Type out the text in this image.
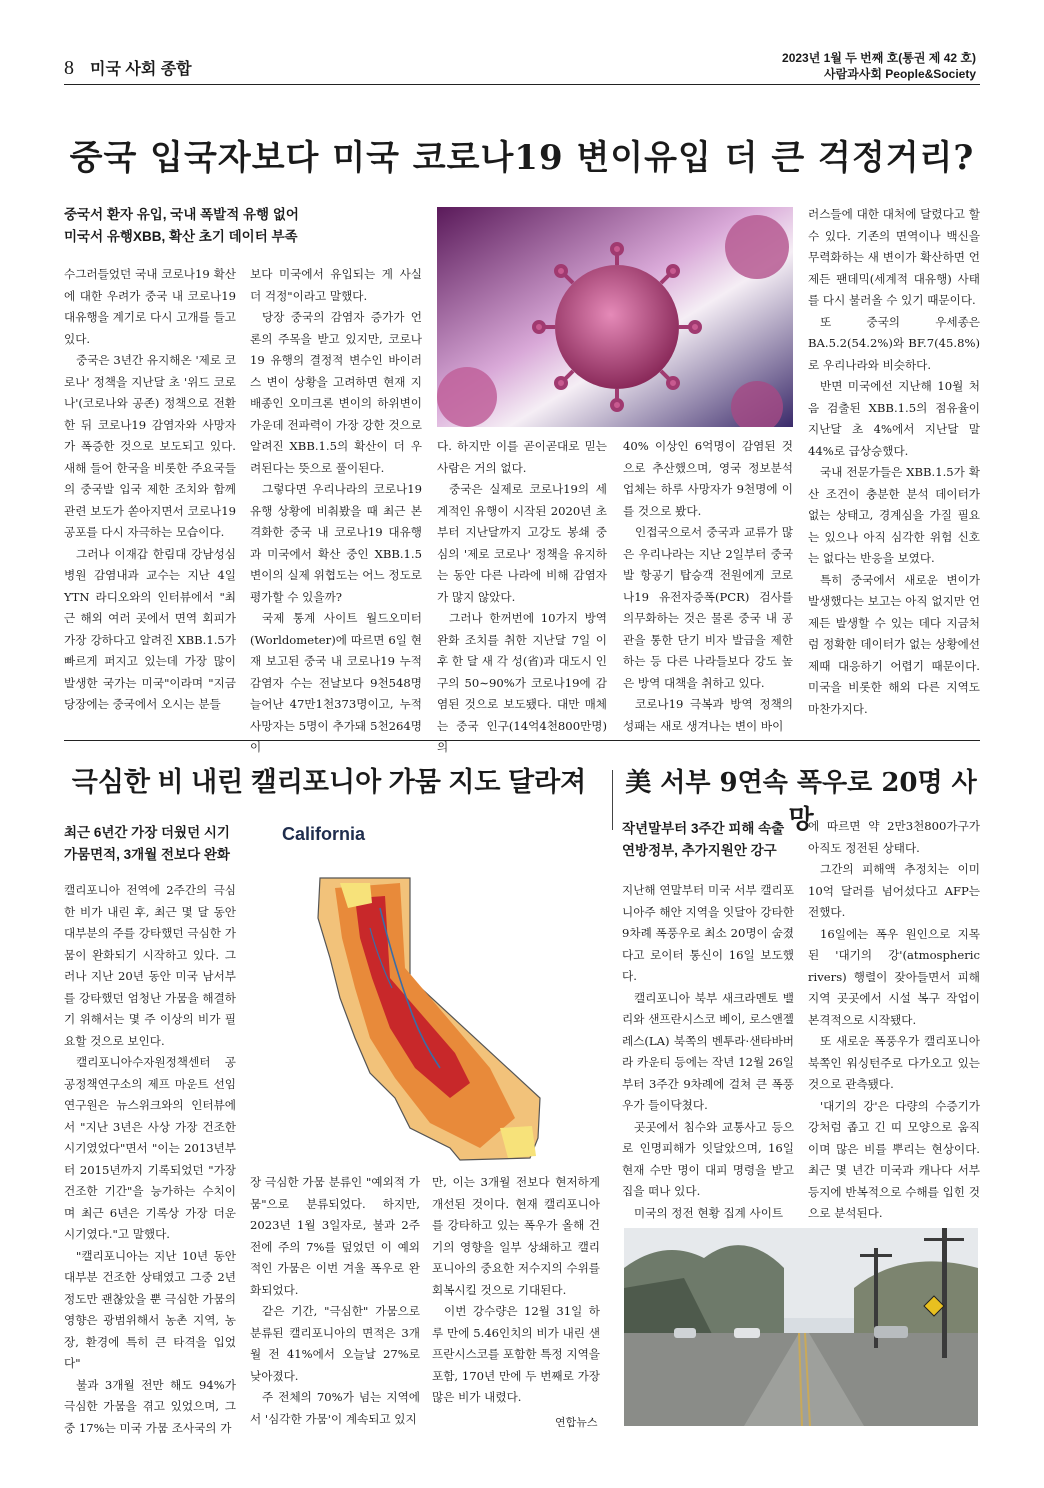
8 미국 사회 종합
2023년 1월 두 번째 호(통권 제 42 호)
사람과사회 People&Society
중국 입국자보다 미국 코로나19 변이유입 더 큰 걱정거리?
중국서 환자 유입, 국내 폭발적 유행 없어
미국서 유행XBB, 확산 초기 데이터 부족

수그러들었던 국내 코로나19 확산에 대한 우려가 중국 내 코로나19 대유행을 계기로 다시 고개를 들고 있다.

중국은 3년간 유지해온 '제로 코로나' 정책을 지난달 초 '위드 코로나'(코로나와 공존) 정책으로 전환한 뒤 코로나19 감염자와 사망자가 폭증한 것으로 보도되고 있다. 새해 들어 한국을 비롯한 주요국들의 중국발 입국 제한 조치와 함께 관련 보도가 쏟아지면서 코로나19 공포를 다시 자극하는 모습이다.

그러나 이재갑 한림대 강남성심병원 감염내과 교수는 지난 4일 YTN 라디오와의 인터뷰에서 "최근 해외 여러 곳에서 면역 회피가 가장 강하다고 알려진 XBB.1.5가 빠르게 퍼지고 있는데 가장 많이 발생한 국가는 미국"이라며 "지금 당장에는 중국에서 오시는 분들

보다 미국에서 유입되는 게 사실 더 걱정"이라고 말했다.

당장 중국의 감염자 증가가 언론의 주목을 받고 있지만, 코로나19 유행의 결정적 변수인 바이러스 변이 상황을 고려하면 현재 지배종인 오미크론 변이의 하위변이 가운데 전파력이 가장 강한 것으로 알려진 XBB.1.5의 확산이 더 우려된다는 뜻으로 풀이된다.

그렇다면 우리나라의 코로나19 유행 상황에 비춰봤을 때 최근 본격화한 중국 내 코로나19 대유행과 미국에서 확산 중인 XBB.1.5 변이의 실제 위협도는 어느 정도로 평가할 수 있을까?

국제 통계 사이트 월드오미터(Worldometer)에 따르면 6일 현재 보고된 중국 내 코로나19 누적 감염자 수는 전날보다 9천548명 늘어난 47만1천373명이고, 누적 사망자는 5명이 추가돼 5천264명이

다. 하지만 이를 곧이곧대로 믿는 사람은 거의 없다.

중국은 실제로 코로나19의 세계적인 유행이 시작된 2020년 초부터 지난달까지 고강도 봉쇄 중심의 '제로 코로나' 정책을 유지하는 동안 다른 나라에 비해 감염자가 많지 않았다.

그러나 한꺼번에 10가지 방역 완화 조치를 취한 지난달 7일 이후 한 달 새 각 성(省)과 대도시 인구의 50∼90%가 코로나19에 감염된 것으로 보도됐다. 대만 매체는 중국 인구(14억4천800만명)의

40% 이상인 6억명이 감염된 것으로 추산했으며, 영국 정보분석업체는 하루 사망자가 9천명에 이를 것으로 봤다.

인접국으로서 중국과 교류가 많은 우리나라는 지난 2일부터 중국발 항공기 탑승객 전원에게 코로나19 유전자증폭(PCR) 검사를 의무화하는 것은 물론 중국 내 공관을 통한 단기 비자 발급을 제한하는 등 다른 나라들보다 강도 높은 방역 대책을 취하고 있다.

코로나19 극복과 방역 정책의 성패는 새로 생겨나는 변이 바이

러스들에 대한 대처에 달렸다고 할 수 있다. 기존의 면역이나 백신을 무력화하는 새 변이가 확산하면 언제든 팬데믹(세계적 대유행) 사태를 다시 불러올 수 있기 때문이다.

또 중국의 우세종은 BA.5.2(54.2%)와 BF.7(45.8%)로 우리나라와 비슷하다.

반면 미국에선 지난해 10월 처음 검출된 XBB.1.5의 점유율이 지난달 초 4%에서 지난달 말 44%로 급상승했다.

국내 전문가들은 XBB.1.5가 확산 조건이 충분한 분석 데이터가 없는 상태고, 경계심을 가질 필요는 있으나 아직 심각한 위험 신호는 없다는 반응을 보였다.

특히 중국에서 새로운 변이가 발생했다는 보고는 아직 없지만 언제든 발생할 수 있는 데다 지금처럼 정확한 데이터가 없는 상황에선 제때 대응하기 어렵기 때문이다. 미국을 비롯한 해외 다른 지역도 마찬가지다.

극심한 비 내린 캘리포니아 가뭄 지도 달라져
최근 6년간 가장 더웠던 시기
가뭄면적, 3개월 전보다 완화
California

캘리포니아 전역에 2주간의 극심한 비가 내린 후, 최근 몇 달 동안 대부분의 주를 강타했던 극심한 가뭄이 완화되기 시작하고 있다. 그러나 지난 20년 동안 미국 남서부를 강타했던 엄청난 가뭄을 해결하기 위해서는 몇 주 이상의 비가 필요할 것으로 보인다.

캘리포니아수자원정책센터 공공정책연구소의 제프 마운트 선임연구원은 뉴스위크와의 인터뷰에서 "지난 3년은 사상 가장 건조한 시기였었다"면서 "이는 2013년부터 2015년까지 기록되었던 "가장 건조한 기간"을 능가하는 수치이며 최근 6년은 기록상 가장 더운 시기였다."고 말했다.

"캘리포니아는 지난 10년 동안 대부분 건조한 상태였고 그중 2년 정도만 괜찮았을 뿐 극심한 가뭄의 영향은 광범위해서 농촌 지역, 농장, 환경에 특히 큰 타격을 입었다"

불과 3개월 전만 해도 94%가 극심한 가뭄을 겪고 있었으며, 그 중 17%는 미국 가뭄 조사국의 가

장 극심한 가뭄 분류인 "예외적 가뭄"으로 분류되었다. 하지만, 2023년 1월 3일자로, 불과 2주 전에 주의 7%를 덮었던 이 예외적인 가뭄은 이번 겨울 폭우로 완화되었다.

같은 기간, "극심한" 가뭄으로 분류된 캘리포니아의 면적은 3개월 전 41%에서 오늘날 27%로 낮아졌다.

주 전체의 70%가 넘는 지역에서 '심각한 가뭄'이 계속되고 있지

만, 이는 3개월 전보다 현저하게 개선된 것이다. 현재 캘리포니아를 강타하고 있는 폭우가 올해 건기의 영향을 일부 상쇄하고 캘리포니아의 중요한 저수지의 수위를 회복시킬 것으로 기대된다.

이번 강수량은 12월 31일 하루 만에 5.46인치의 비가 내린 샌프란시스코를 포함한 특정 지역을 포함, 170년 만에 두 번째로 가장 많은 비가 내렸다.

연합뉴스
美 서부 9연속 폭우로 20명 사망
작년말부터 3주간 피해 속출
연방정부, 추가지원안 강구

지난해 연말부터 미국 서부 캘리포니아주 해안 지역을 잇달아 강타한 9차례 폭풍우로 최소 20명이 숨졌다고 로이터 통신이 16일 보도했다.

캘리포니아 북부 새크라멘토 밸리와 샌프란시스코 베이, 로스앤젤레스(LA) 북쪽의 벤투라·샌타바버라 카운티 등에는 작년 12월 26일부터 3주간 9차례에 걸쳐 큰 폭풍우가 들이닥쳤다.

곳곳에서 침수와 교통사고 등으로 인명피해가 잇달았으며, 16일 현재 수만 명이 대피 명령을 받고 집을 떠나 있다.

미국의 정전 현황 집계 사이트

에 따르면 약 2만3천800가구가 아직도 정전된 상태다.

그간의 피해액 추정치는 이미 10억 달러를 넘어섰다고 AFP는 전했다.

16일에는 폭우 원인으로 지목된 '대기의 강'(atmospheric rivers) 행렬이 잦아들면서 피해 지역 곳곳에서 시설 복구 작업이 본격적으로 시작됐다.

또 새로운 폭풍우가 캘리포니아 북쪽인 워싱턴주로 다가오고 있는 것으로 관측됐다.

'대기의 강'은 다량의 수증기가 강처럼 좁고 긴 띠 모양으로 움직이며 많은 비를 뿌리는 현상이다. 최근 몇 년간 미국과 캐나다 서부 등지에 반복적으로 수해를 입힌 것으로 분석된다.
